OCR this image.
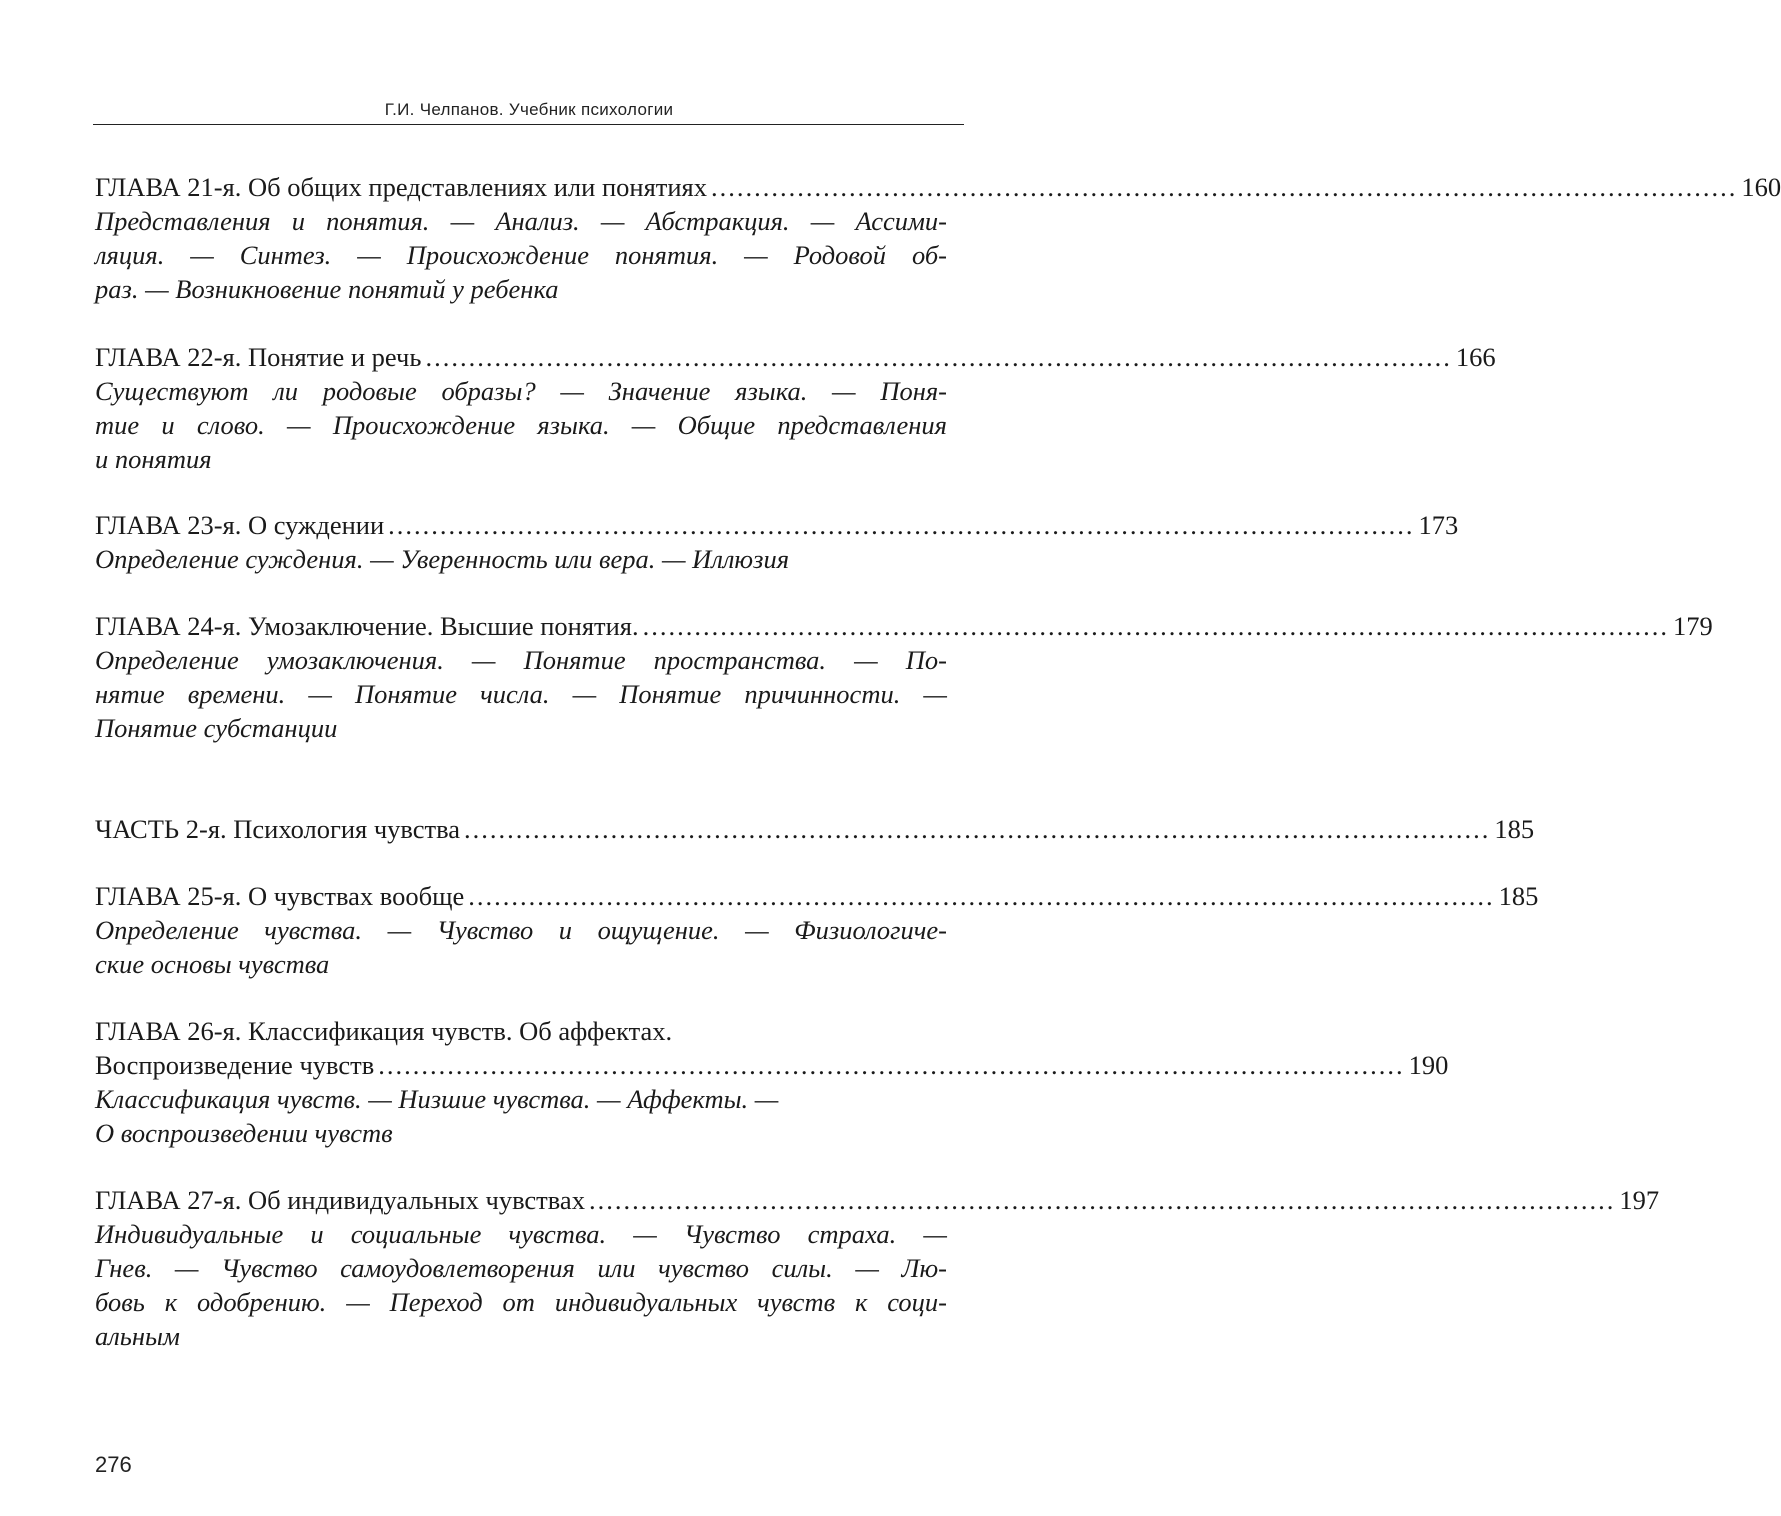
Г.И. Челпанов. Учебник психологии
ГЛАВА 21-я. Об общих представлениях или понятиях ....................................................................................................................... 160
Представления и понятия. — Анализ. — Абстракция. — Ассими-
ляция. — Синтез. — Происхождение понятия. — Родовой об-
раз. — Возникновение понятий у ребенка
ГЛАВА 22-я. Понятие и речь ....................................................................................................................... 166
Существуют ли родовые образы? — Значение языка. — Поня-
тие и слово. — Происхождение языка. — Общие представления
и понятия
ГЛАВА 23-я. О суждении ....................................................................................................................... 173
Определение суждения. — Уверенность или вера. — Иллюзия
ГЛАВА 24-я. Умозаключение. Высшие понятия. ....................................................................................................................... 179
Определение умозаключения. — Понятие пространства. — По-
нятие времени. — Понятие числа. — Понятие причинности. —
Понятие субстанции
ЧАСТЬ 2-я. Психология чувства ....................................................................................................................... 185
ГЛАВА 25-я. О чувствах вообще ....................................................................................................................... 185
Определение чувства. — Чувство и ощущение. — Физиологиче-
ские основы чувства
ГЛАВА 26-я. Классификация чувств. Об аффектах.
Воспроизведение чувств ....................................................................................................................... 190
Классификация чувств. — Низшие чувства. — Аффекты. —
О воспроизведении чувств
ГЛАВА 27-я. Об индивидуальных чувствах ....................................................................................................................... 197
Индивидуальные и социальные чувства. — Чувство страха. —
Гнев. — Чувство самоудовлетворения или чувство силы. — Лю-
бовь к одобрению. — Переход от индивидуальных чувств к соци-
альным
276
